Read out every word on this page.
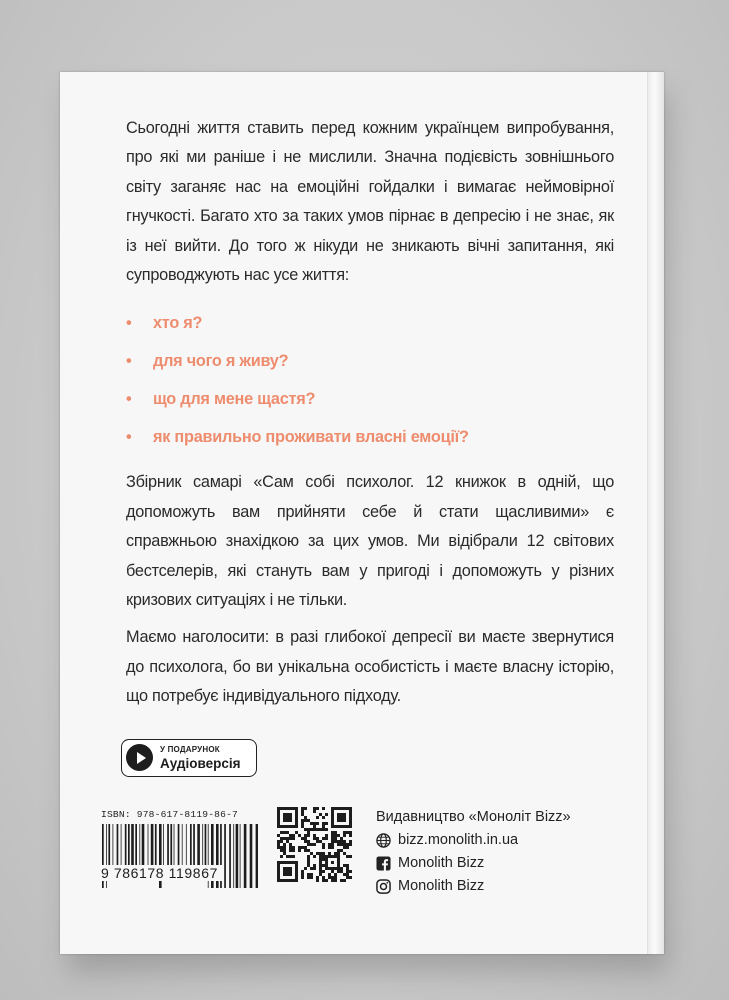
Сьогодні життя ставить перед кожним українцем випробування, про які ми раніше і не мислили. Значна подієвість зовнішнього світу заганяє нас на емоційні гойдалки і вимагає неймовірної гнучкості. Багато хто за таких умов пірнає в депресію і не знає, як із неї вийти. До того ж нікуди не зникають вічні запитання, які супроводжують нас усе життя:

• хто я?
• для чого я живу?
• що для мене щастя?
• як правильно проживати власні емоції?

Збірник самарі «Сам собі психолог. 12 книжок в одній, що допоможуть вам прийняти себе й стати щасливими» є справжньою знахідкою за цих умов. Ми відібрали 12 світових бестселерів, які стануть вам у пригоді і допоможуть у різних кризових ситуаціях і не тільки.

Маємо наголосити: в разі глибокої депресії ви маєте звернутися до психолога, бо ви унікальна особистість і маєте власну історію, що потребує індивідуального підходу.

У ПОДАРУНОК
Аудіоверсія
ISBN: 978-617-8119-86-7
9 786178 119867
Видавництво «Моноліт Bizz»
bizz.monolith.in.ua
Monolith Bizz
Monolith Bizz
